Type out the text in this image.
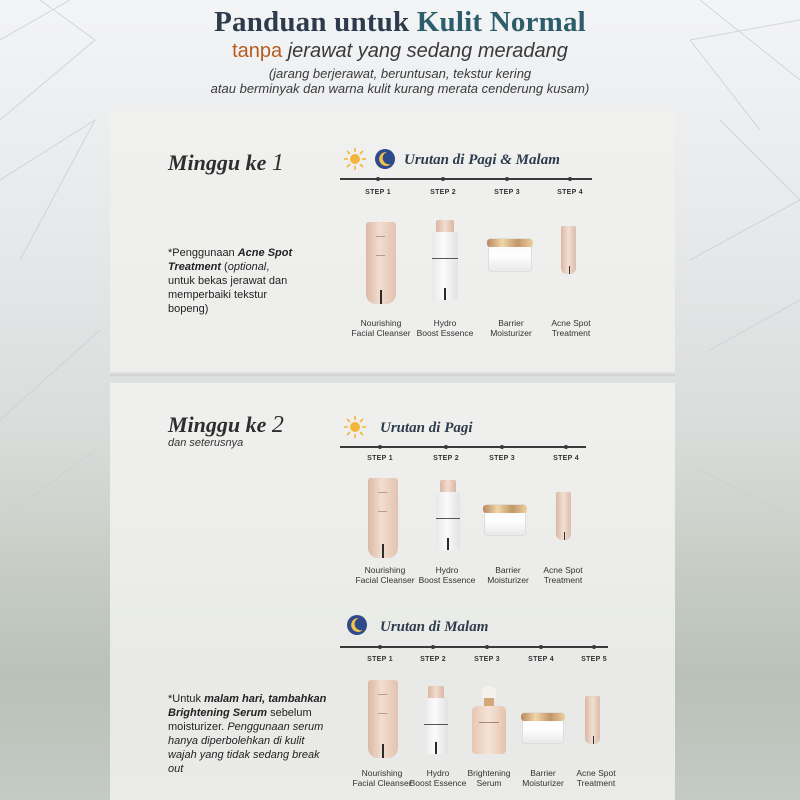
Panduan untuk Kulit Normal
tanpa jerawat yang sedang meradang
(jarang berjerawat, beruntusan, tekstur kering
atau berminyak dan warna kulit kurang merata cenderung kusam)
Minggu ke 1	Urutan di Pagi & Malam
STEP 1	STEP 2	STEP 3	STEP 4
Nourishing
Facial Cleanser
Hydro
Boost Essence
Barrier
Moisturizer
Acne Spot
Treatment
*Penggunaan Acne Spot Treatment (optional, untuk bekas jerawat dan memperbaiki tekstur bopeng)
Minggu ke 2
dan seterusnya
Urutan di Pagi
STEP 1	STEP 2	STEP 3	STEP 4
Nourishing
Facial Cleanser
Hydro
Boost Essence
Barrier
Moisturizer
Acne Spot
Treatment
Urutan di Malam
STEP 1	STEP 2	STEP 3	STEP 4	STEP 5
Nourishing
Facial Cleanser
Hydro
Boost Essence
Brightening
Serum
Barrier
Moisturizer
Acne Spot
Treatment
*Untuk malam hari, tambahkan Brightening Serum sebelum moisturizer. Penggunaan serum hanya diperbolehkan di kulit wajah yang tidak sedang break out
